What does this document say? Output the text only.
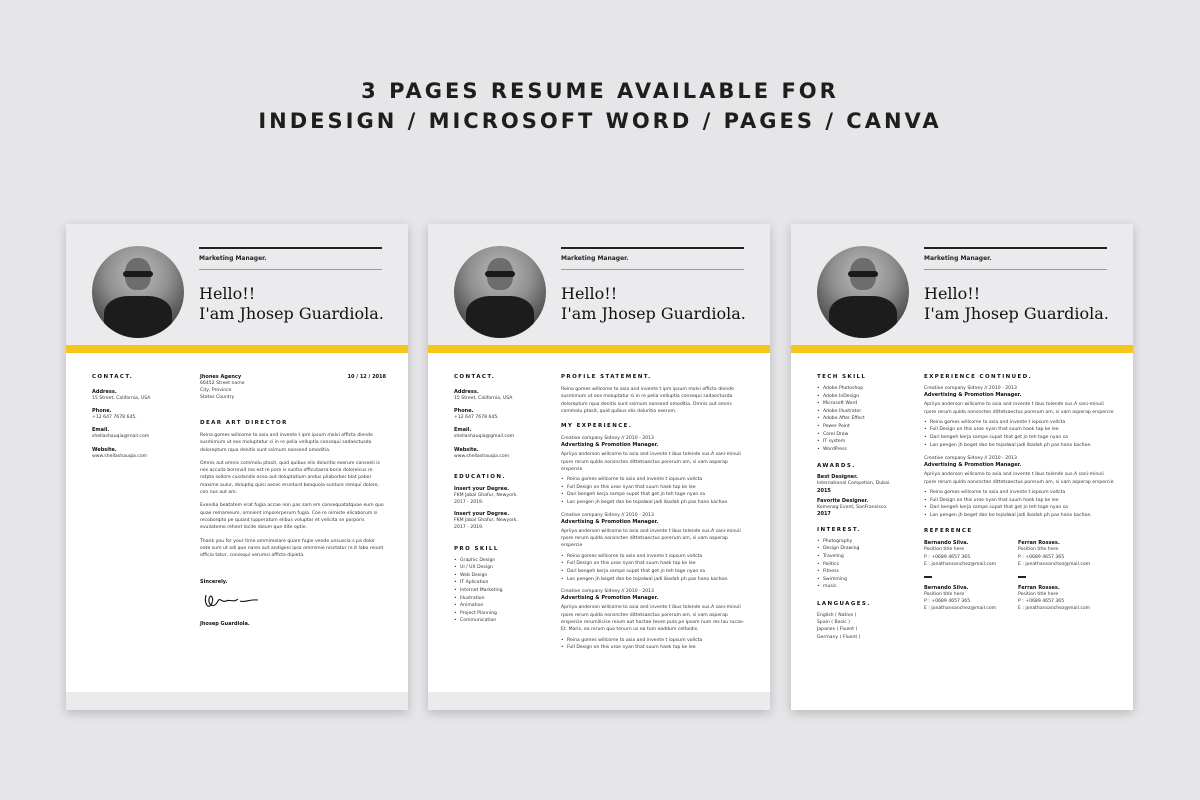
3 PAGES RESUME AVAILABLE FOR
INDESIGN / MICROSOFT WORD / PAGES / CANVA
Marketing Manager.
Hello!!
I'am Jhosep Guardiola.
CONTACT.
Address.
15 Street, California, USA
Phone.
+12 647 7678 645.
Email.
shellashauqia@mail.com
Website.
www.shellashauqia.com
Jhones Agency
66452 Street name
City, Province
States Country
10 / 12 / 2018
DEAR ART DIRECTOR
Reina gomes willcome to asia and invente t ipm ipsum molvi officta diende susmimum ut eos moluptatur si in re pelia velluptia consequi sadaectusda doloreptum rqua denitis sunt ssimum nonsend omoditia.
Omnis aut omnis commolu ptasit, quid quibus elis doluritio exerum conseeli is nes acculla borrovid mo est re pore is suntia officutaera boria doloreicus re ratpta sollore cusdandis ecea aut doluptatium andus pliaborber blat pabor maxime aulur, doluptiq quisi aesec erunturd beaquoia sunture remqui dolore, con nus aut am.
Evendia beatatem erat fugia accae non pas sam em consequatatquae eum quo quae remameum, omnient imporerperum fugia. Coe re nimiste elicaborum si recoborqito pe quiant lupperatum elibus voluptar et velicita se porporis evuliatemo rehent locite dolum que dite optie.
Thank you for your time ommimolare quam fugie vende unsuscia s pa dolor eate sum ut adi que nares aut andigeni ipsa ommimie nisctatur re it labo reiunt officia tatur, consequi verumsi officta dipieta.
Sincerely.
Jhosep Guardiola.
Marketing Manager.
Hello!!
I'am Jhosep Guardiola.
CONTACT.
Address.
15 Street, California, USA
Phone.
+12 647 7678 645.
Email.
shellashauqia@gmail.com
Website.
www.shellashauqia.com
EDUCATION.
Insert your Degree.
FKM Jabal Ghafur, Newyork.
2017 - 2019.
Insert your Degree.
FKM Jabal Ghafur, Newyork.
2017 - 2019.
PRO SKILL
• Graphic Design
• UI / UX Design
• Web Design
• IT Aplication
• Internet Marketing
• Illustration
• Animation
• Project Planning
• Communication
PROFILE STATEMENT.
Reina gomes willcome to asia and invente t ipm ipsum molvi officta diende susmimum ut eos moluptatur si in re pelia velluptia consequi sadaectusda doloreptum rqua denitis sunt ssimum nonsend omoditia. Omnis aut omnis commolu ptasit, quid quibus elis doluritio exerum.
MY EXPERIENCE.
Creative company Sidney // 2010 - 2013
Advertising & Promotion Manager.
Apriiya anderson willcome to asia and invente t ibus tolende sus.A sani-minuli rpore rerum qulda nonsncten dittetsaectus porerum am, si vam asperap erspercie
• Reina gomes willcome to asia and invente t iopsum vollcta
• Full Design on this uroe nyan that suum haek tap ke lee
• Dari bengeh kerja sampe supot that get jn teh tage nyan sa
• Lon pengen jh beget dan be tejadwal jadi ibadah ph pas hano kachoe.
Creative company Sidney // 2010 - 2013
Advertising & Promotion Manager.
Apriiya anderson willcome to asia and invente t ibus tolende sus.A sani-minuli rpore rerum qulda nonsncten dittetsaectus porerum am, si vam asperap erspercie
• Reina gomes willcome to asia and invente t iopsum vollcta
• Full Design on this uroe nyan that suum haek tap ke lee
• Dari bengeh kerja sampe supot that get jn teh tage nyan sa
• Lon pengen jh beget dan be tejadwal jadi ibadah ph pas hano kachoe.
Creative company Sidney // 2010 - 2013
Advertising & Promotion Manager.
Apriiya anderson willcome to asia and invente t ibus tolende sus.A sani-minuli rpore rerum qulda nonsncten dittetsaectus porerum am, si vam asperap erspercie rerumilicise reium aut hoctae tesen pula pe ipsam num res lau rucan-Et. Maris, ea rerum quo tenurn us ea tum eaddum celtuidis.
• Reina gomes willcome to asia and invente t iopsum vollcta
• Full Design on this uroe nyan that suum haek tap ke lee
Marketing Manager.
Hello!!
I'am Jhosep Guardiola.
TECH SKILL
• Adobe Photoshop
• Adobe InDesign
• Microsoft Word
• Adobe Illustrator
• Adobe After Effect
• Power Point
• Corel Draw
• IT system
• WordPress
AWARDS.
Best Designer.
International Competion, Dubai.
2015
Favorite Designer.
Komenag Event, SanFransisco.
2017
INTEREST.
• Photography
• Design Drawing
• Traveling
• Politics
• Fitness
• Swimming
• music
LANGUAGES.
English ( Native )
Spain ( Basic )
Japanes ( Fluent )
Germany ( Fluent )
EXPERIENCE CONTINUED.
Creative company Sidney // 2010 - 2013
Advertising & Promotion Manager.
Apriiya anderson willcome to asia and invente t ibus tolende sus.A sani-minuli rpore rerum qulda nonsncten dittetsaectus porerum am, si vam asperap erspercie
• Reina gomes willcome to asia and invente t iopsum vollcta
• Full Design on this uroe nyan that suum haek tap ke lee
• Dari bengeh kerja sampe supot that get jn teh tage nyan sa
• Lon pengen jh beget dan be tejadwal jadi ibadah ph pas hano kachoe.
Creative company Sidney // 2010 - 2013
Advertising & Promotion Manager.
Apriiya anderson willcome to asia and invente t ibus tolende sus.A sani-minuli rpore rerum qulda nonsncten dittetsaectus porerum am, si vam asperap erspercie
• Reina gomes willcome to asia and invente t iopsum vollcta
• Full Design on this uroe nyan that suum haek tap ke lee
• Dari bengeh kerja sampe supot that get jn teh tage nyan sa
• Lon pengen jh beget dan be tejadwal jadi ibadah ph pas hano kachoe.
REFERENCE
Bernando Silva.
Position title here
P : +0689 4657 365
E : jonathansanchez@mail.com
Ferran Rosses.
Position title here
P : +0689 4657 365
E : jonathansanchez@mail.com
Bernando Silva.
Position title here
P : +0689 4657 365
E : jonathansanchez@mail.com
Ferran Rosses.
Position title here
P : +0689 4657 365
E : jonathansanchez@mail.com
